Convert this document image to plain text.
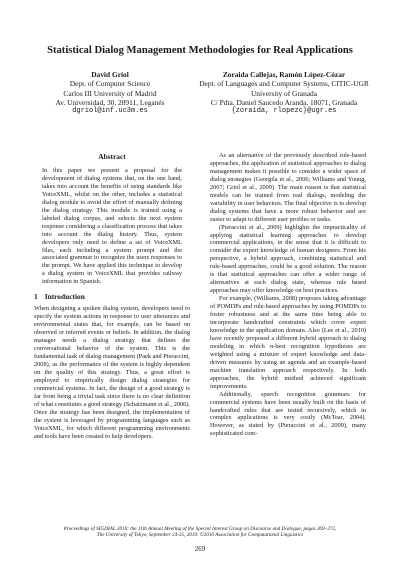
Statistical Dialog Management Methodologies for Real Applications
David Griol
Dept. of Computer Science
Carlos III University of Madrid
Av. Universidad, 30, 28911, Leganés
dgriol@inf.uc3m.es
Zoraida Callejas, Ramón López-Cózar
Dept. of Languages and Computer Systems, CITIC-UGR
University of Granada
C/ Pdta. Daniel Saucedo Aranda, 18071, Granada
{zoraida, rlopezc}@ugr.es
Abstract

In this paper we present a proposal for the development of dialog systems that, on the one hand, takes into account the benefits of using standards like VoiceXML, whilst on the other, includes a statistical dialog module to avoid the effort of manually defining the dialog strategy. This module is trained using a labeled dialog corpus, and selects the next system response considering a classification process that takes into account the dialog history. Thus, system developers only need to define a set of VoiceXML files, each including a system prompt and the associated grammar to recognize the users responses to the prompt. We have applied this technique to develop a dialog system in VoiceXML that provides railway information in Spanish.

1 Introduction

When designing a spoken dialog system, developers need to specify the system actions in response to user utterances and environmental states that, for example, can be based on observed or inferred events or beliefs. In addition, the dialog manager needs a dialog strategy that defines the conversational behavior of the system. This is the fundamental task of dialog management (Paek and Pieraccini, 2008), as the performance of the system is highly dependent on the quality of this strategy. Thus, a great effort is employed to empirically design dialog strategies for commercial systems. In fact, the design of a good strategy is far from being a trivial task since there is no clear definition of what constitutes a good strategy (Schatzmann et al., 2006). Once the strategy has been designed, the implementation of the system is leveraged by programming languages such as VoiceXML, for which different programming environments and tools have been created to help developers.

As an alternative of the previously described rule-based approaches, the application of statistical approaches to dialog management makes it possible to consider a wider space of dialog strategies (Georgila et al., 2006; Williams and Young, 2007; Griol et al., 2009). The main reason is that statistical models can be trained from real dialogs, modeling the variability in user behaviors. The final objective is to develop dialog systems that have a more robust behavior and are easier to adapt to different user profiles or tasks.

(Pieraccini et al., 2009) highlights the impracticality of applying statistical learning approaches to develop commercial applications, in the sense that it is difficult to consider the expert knowledge of human designers. From his perspective, a hybrid approach, combining statistical and rule-based approaches, could be a good solution. The reason is that statistical approaches can offer a wider range of alternatives at each dialog state, whereas rule based approaches may offer knowledge on best practices.

For example, (Williams, 2008) proposes taking advantage of POMDPs and rule-based approaches by using POMDPs to foster robustness and at the same time being able to incorporate handcrafted constraints which cover expert knowledge in the application domain. Also (Lee et al., 2010) have recently proposed a different hybrid approach to dialog modeling in which n-best recognition hypotheses are weighted using a mixture of expert knowledge and data-driven measures by using an agenda and an example-based machine translation approach respectively. In both approaches, the hybrid method achieved significant improvements.

Additionally, speech recognition grammars for commercial systems have been usually built on the basis of handcrafted rules that are tested recursively, which in complex applications is very costly (McTear, 2004). However, as stated by (Pieraccini et al., 2009), many sophisticated com-

Proceedings of SIGDIAL 2010: the 11th Annual Meeting of the Special Interest Group on Discourse and Dialogue, pages 269–272,
The University of Tokyo, September 24-25, 2010. ©2010 Association for Computational Linguistics
269
